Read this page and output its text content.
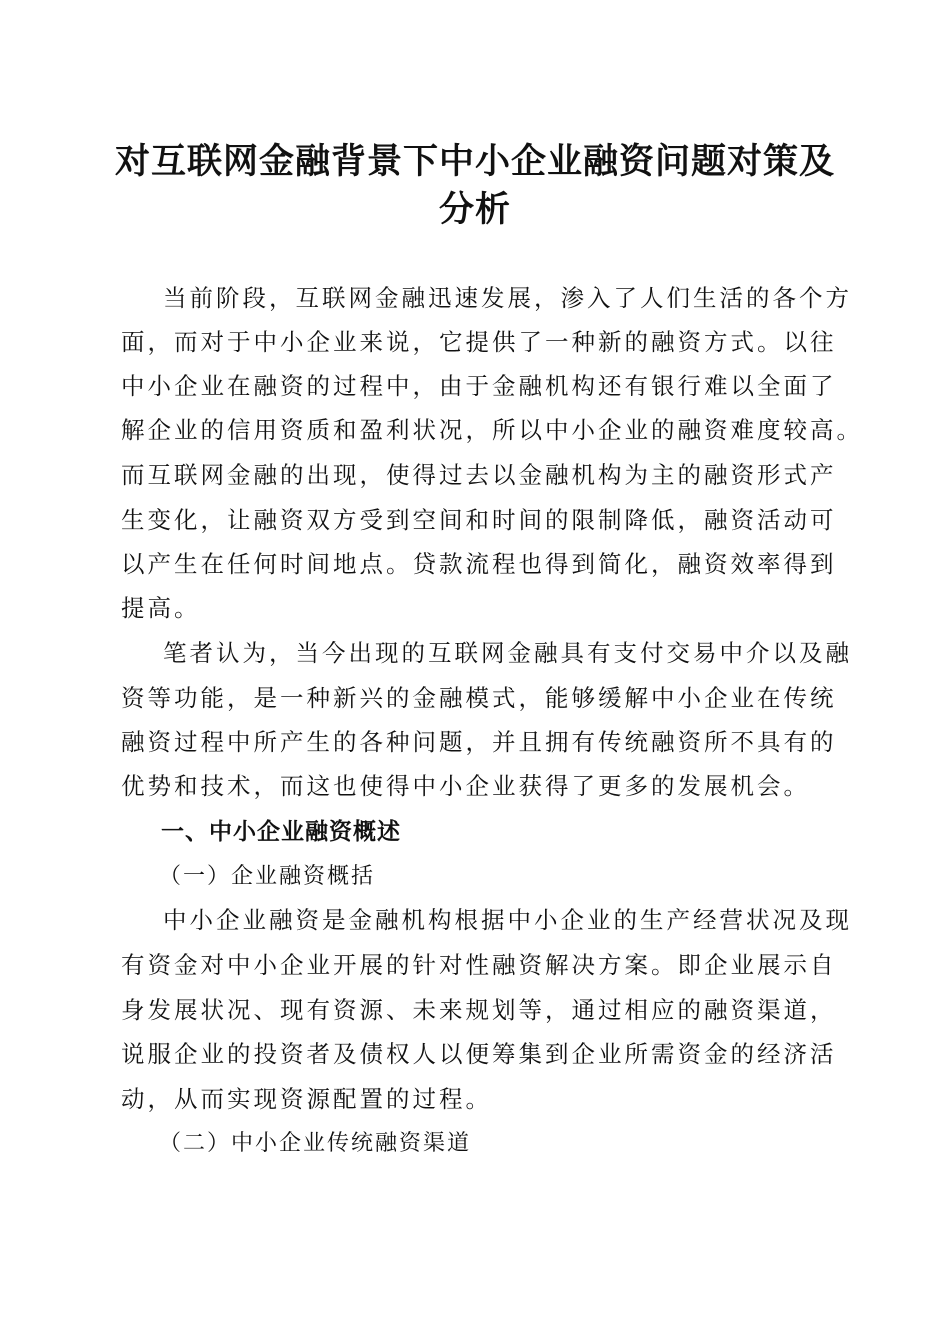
对互联网金融背景下中小企业融资问题对策及
分析
当前阶段，互联网金融迅速发展，渗入了人们生活的各个方
面，而对于中小企业来说，它提供了一种新的融资方式。以往
中小企业在融资的过程中，由于金融机构还有银行难以全面了
解企业的信用资质和盈利状况，所以中小企业的融资难度较高。
而互联网金融的出现，使得过去以金融机构为主的融资形式产
生变化，让融资双方受到空间和时间的限制降低，融资活动可
以产生在任何时间地点。贷款流程也得到简化，融资效率得到
提高。
笔者认为，当今出现的互联网金融具有支付交易中介以及融
资等功能，是一种新兴的金融模式，能够缓解中小企业在传统
融资过程中所产生的各种问题，并且拥有传统融资所不具有的
优势和技术，而这也使得中小企业获得了更多的发展机会。
一、中小企业融资概述
（一）企业融资概括
中小企业融资是金融机构根据中小企业的生产经营状况及现
有资金对中小企业开展的针对性融资解决方案。即企业展示自
身发展状况、现有资源、未来规划等，通过相应的融资渠道，
说服企业的投资者及债权人以便筹集到企业所需资金的经济活
动，从而实现资源配置的过程。
（二）中小企业传统融资渠道
